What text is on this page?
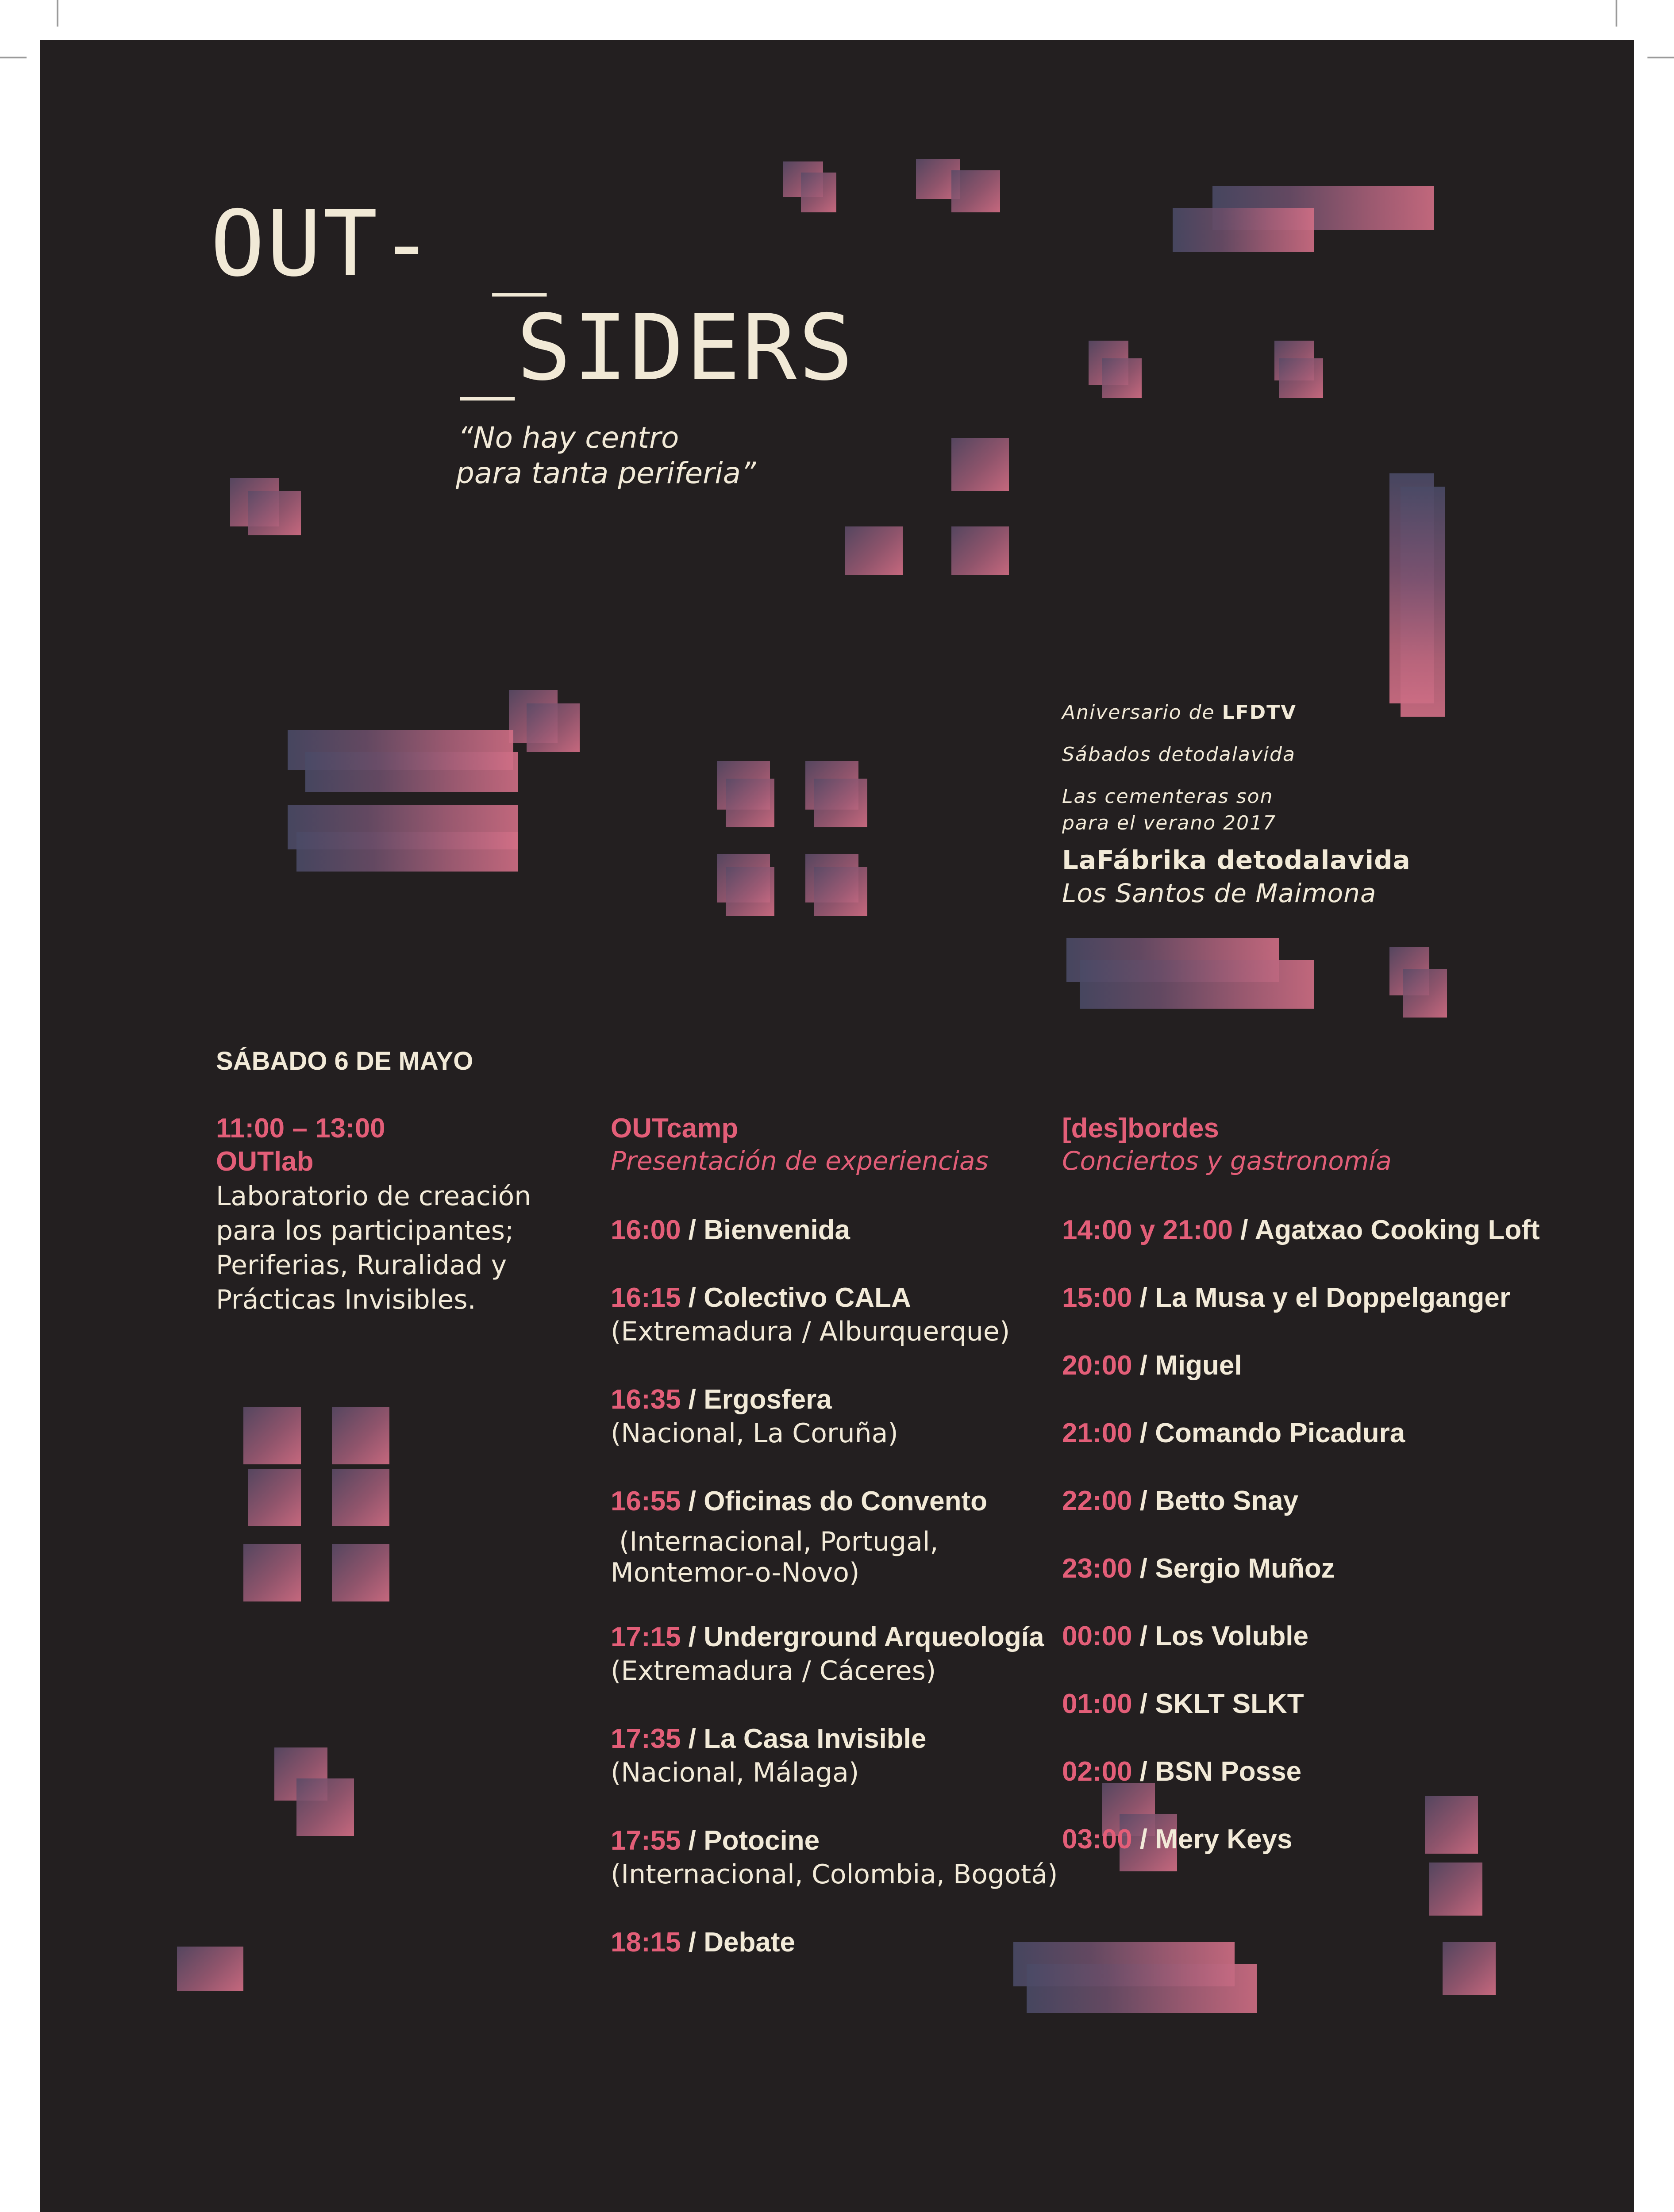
OUT- _
_SIDERS
“No hay centro
para tanta periferia”
Aniversario de LFDTV
Sábados detodalavida
Las cementeras son
para el verano 2017
LaFábrika detodalavida
Los Santos de Maimona
SÁBADO 6 DE MAYO
11:00 – 13:00
OUTlab
Laboratorio de creación
para los participantes;
Periferias, Ruralidad y
Prácticas Invisibles.
OUTcamp
Presentación de experiencias
16:00 / Bienvenida
16:15 / Colectivo CALA
(Extremadura / Alburquerque)
16:35 / Ergosfera
(Nacional, La Coruña)
16:55 / Oficinas do Convento
(Internacional, Portugal,
Montemor-o-Novo)
17:15 / Underground Arqueología
(Extremadura / Cáceres)
17:35 / La Casa Invisible
(Nacional, Málaga)
17:55 / Potocine
(Internacional, Colombia, Bogotá)
18:15 / Debate
[des]bordes
Conciertos y gastronomía
14:00 y 21:00 / Agatxao Cooking Loft
15:00 / La Musa y el Doppelganger
20:00 / Miguel
21:00 / Comando Picadura
22:00 / Betto Snay
23:00 / Sergio Muñoz
00:00 / Los Voluble
01:00 / SKLT SLKT
02:00 / BSN Posse
03:00 / Mery Keys
